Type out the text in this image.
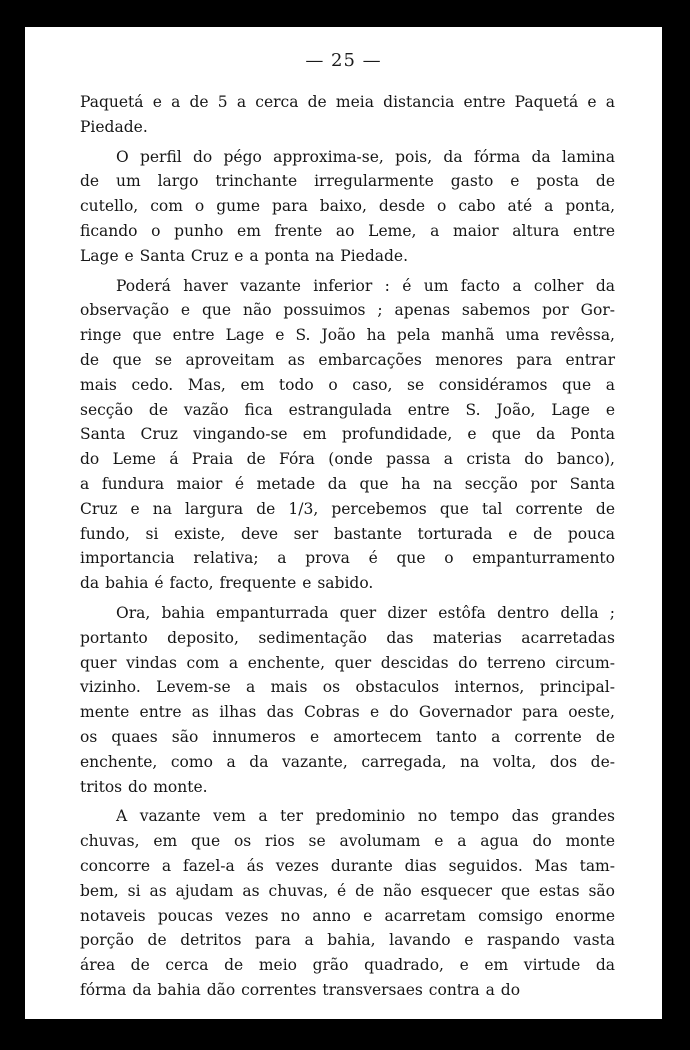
— 25 —

Paquetá e a de 5 a cerca de meia distancia entre Paquetá e a
Piedade.

O perfil do pégo approxima-se, pois, da fórma da lamina
de um largo trinchante irregularmente gasto e posta de
cutello, com o gume para baixo, desde o cabo até a ponta,
ficando o punho em frente ao Leme, a maior altura entre
Lage e Santa Cruz e a ponta na Piedade.

Poderá haver vazante inferior : é um facto a colher da
observação e que não possuimos ; apenas sabemos por Gor-
ringe que entre Lage e S. João ha pela manhã uma revêssa,
de que se aproveitam as embarcações menores para entrar
mais cedo. Mas, em todo o caso, se considéramos que a
secção de vazão fica estrangulada entre S. João, Lage e
Santa Cruz vingando-se em profundidade, e que da Ponta
do Leme á Praia de Fóra (onde passa a crista do banco),
a fundura maior é metade da que ha na secção por Santa
Cruz e na largura de 1/3, percebemos que tal corrente de
fundo, si existe, deve ser bastante torturada e de pouca
importancia relativa; a prova é que o empanturramento
da bahia é facto, frequente e sabido.

Ora, bahia empanturrada quer dizer estôfa dentro della ;
portanto deposito, sedimentação das materias acarretadas
quer vindas com a enchente, quer descidas do terreno circum-
vizinho. Levem-se a mais os obstaculos internos, principal-
mente entre as ilhas das Cobras e do Governador para oeste,
os quaes são innumeros e amortecem tanto a corrente de
enchente, como a da vazante, carregada, na volta, dos de-
tritos do monte.

A vazante vem a ter predominio no tempo das grandes
chuvas, em que os rios se avolumam e a agua do monte
concorre a fazel-a ás vezes durante dias seguidos. Mas tam-
bem, si as ajudam as chuvas, é de não esquecer que estas são
notaveis poucas vezes no anno e acarretam comsigo enorme
porção de detritos para a bahia, lavando e raspando vasta
área de cerca de meio grão quadrado, e em virtude da
fórma da bahia dão correntes transversaes contra a do
